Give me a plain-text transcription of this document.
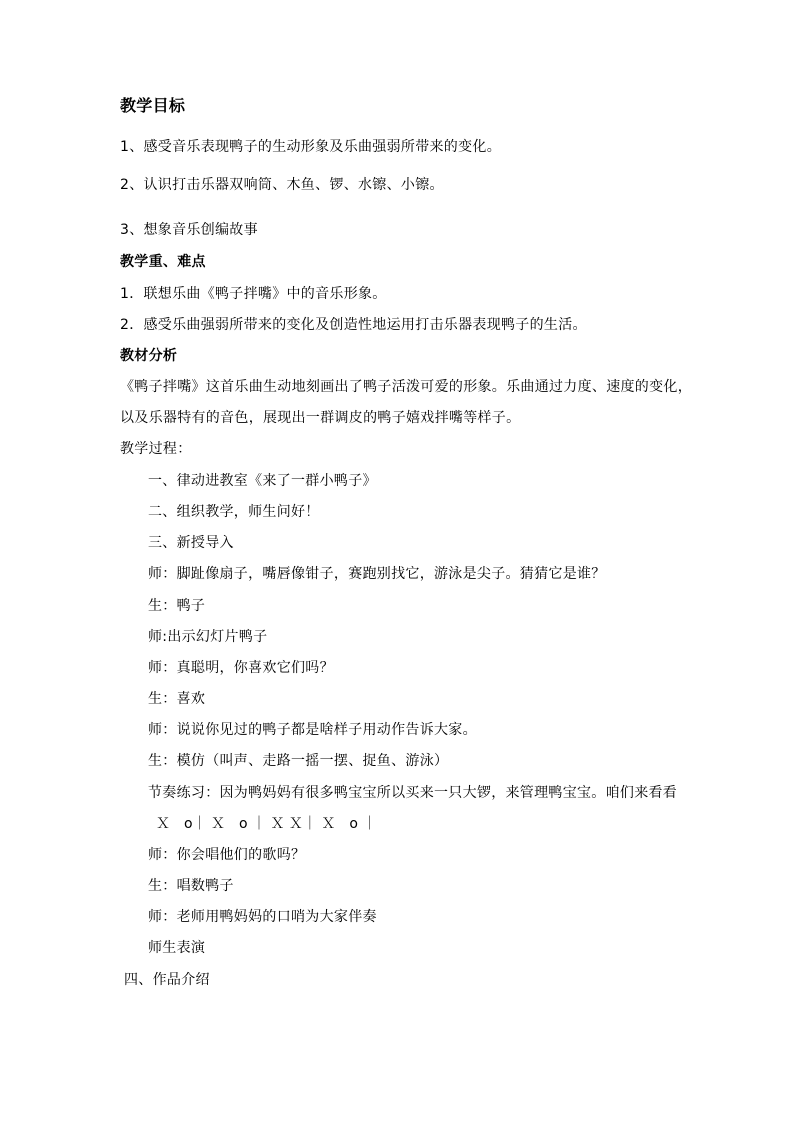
教学目标
1、感受音乐表现鸭子的生动形象及乐曲强弱所带来的变化。
2、认识打击乐器双响筒、木鱼、锣、水镲、小镲。
3、想象音乐创编故事
教学重、难点
1．联想乐曲《鸭子拌嘴》中的音乐形象。
2．感受乐曲强弱所带来的变化及创造性地运用打击乐器表现鸭子的生活。
教材分析
《鸭子拌嘴》这首乐曲生动地刻画出了鸭子活泼可爱的形象。乐曲通过力度、速度的变化，
以及乐器特有的音色，展现出一群调皮的鸭子嬉戏拌嘴等样子。
教学过程：
一、律动进教室《来了一群小鸭子》
二、组织教学，师生问好！
三、新授导入
师：脚趾像扇子，嘴唇像钳子，赛跑别找它，游泳是尖子。猜猜它是谁？
生：鸭子
师:出示幻灯片鸭子
师：真聪明，你喜欢它们吗？
生：喜欢
师：说说你见过的鸭子都是啥样子用动作告诉大家。
生：模仿（叫声、走路一摇一摆、捉鱼、游泳）
节奏练习：因为鸭妈妈有很多鸭宝宝所以买来一只大锣，来管理鸭宝宝。咱们来看看
Ｘ　o｜ Ｘ　o ｜ Ｘ Ｘ｜ Ｘ　o ｜
师：你会唱他们的歌吗？
生：唱数鸭子
师：老师用鸭妈妈的口哨为大家伴奏
师生表演
四、作品介绍
